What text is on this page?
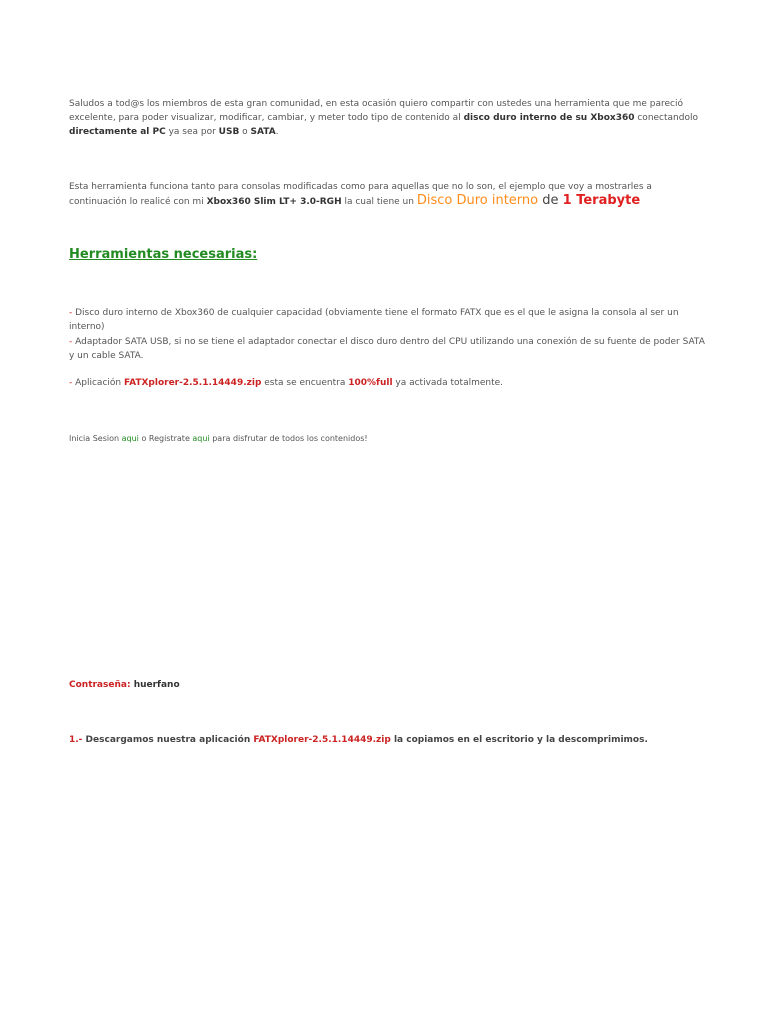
Saludos a tod@s los miembros de esta gran comunidad, en esta ocasión quiero compartir con ustedes una herramienta que me pareció excelente, para poder visualizar, modificar, cambiar, y meter todo tipo de contenido al disco duro interno de su Xbox360 conectandolo directamente al PC ya sea por USB o SATA.

Esta herramienta funciona tanto para consolas modificadas como para aquellas que no lo son, el ejemplo que voy a mostrarles a continuación lo realicé con mi Xbox360 Slim LT+ 3.0-RGH la cual tiene un Disco Duro interno de 1 Terabyte

Herramientas necesarias:

- Disco duro interno de Xbox360 de cualquier capacidad (obviamente tiene el formato FATX que es el que le asigna la consola al ser un interno)

- Adaptador SATA USB, si no se tiene el adaptador conectar el disco duro dentro del CPU utilizando una conexión de su fuente de poder SATA y un cable SATA.

- Aplicación FATXplorer-2.5.1.14449.zip esta se encuentra 100%full ya activada totalmente.

Inicia Sesion aqui o Registrate aqui para disfrutar de todos los contenidos!

Contraseña: huerfano

1.- Descargamos nuestra aplicación FATXplorer-2.5.1.14449.zip la copiamos en el escritorio y la descomprimimos.
